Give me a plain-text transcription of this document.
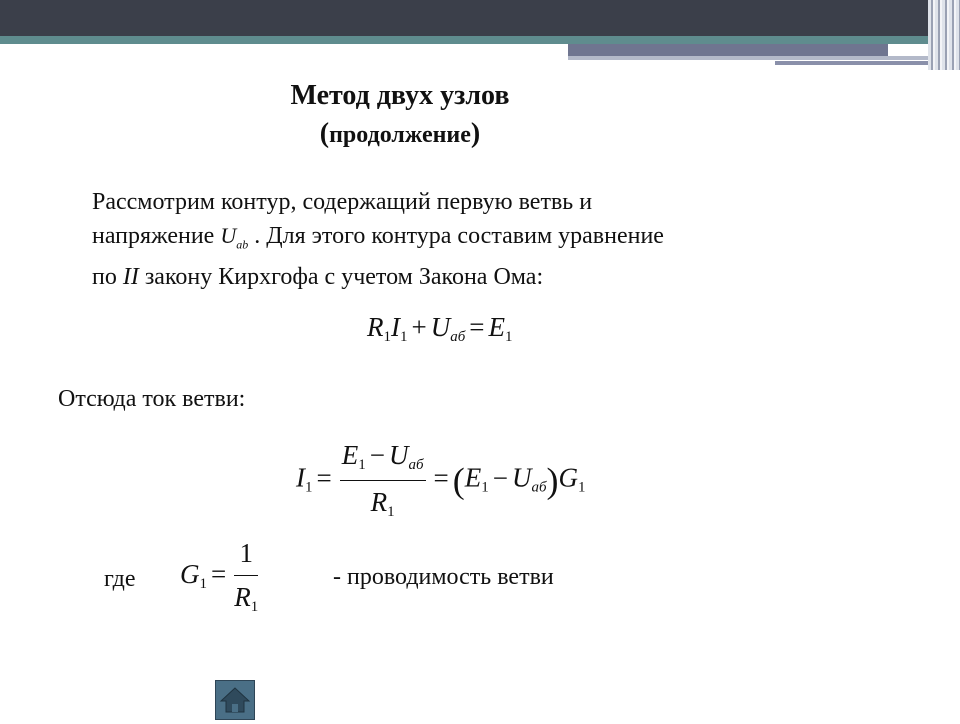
Метод двух узлов
(продолжение)
Рассмотрим контур, содержащий первую ветвь и
напряжение $U_{ab}$ . Для этого контура составим уравнение
по II закону Кирхгофа с учетом Закона Ома:
$R_1I_1 + U_{аб} = E_1$
Отсюда ток ветви:
$I_1 = \frac{E_1 - U_{аб}}{R_1} = (E_1 - U_{аб})G_1$
где $G_1 = \frac{1}{R_1}$	- проводимость ветви
